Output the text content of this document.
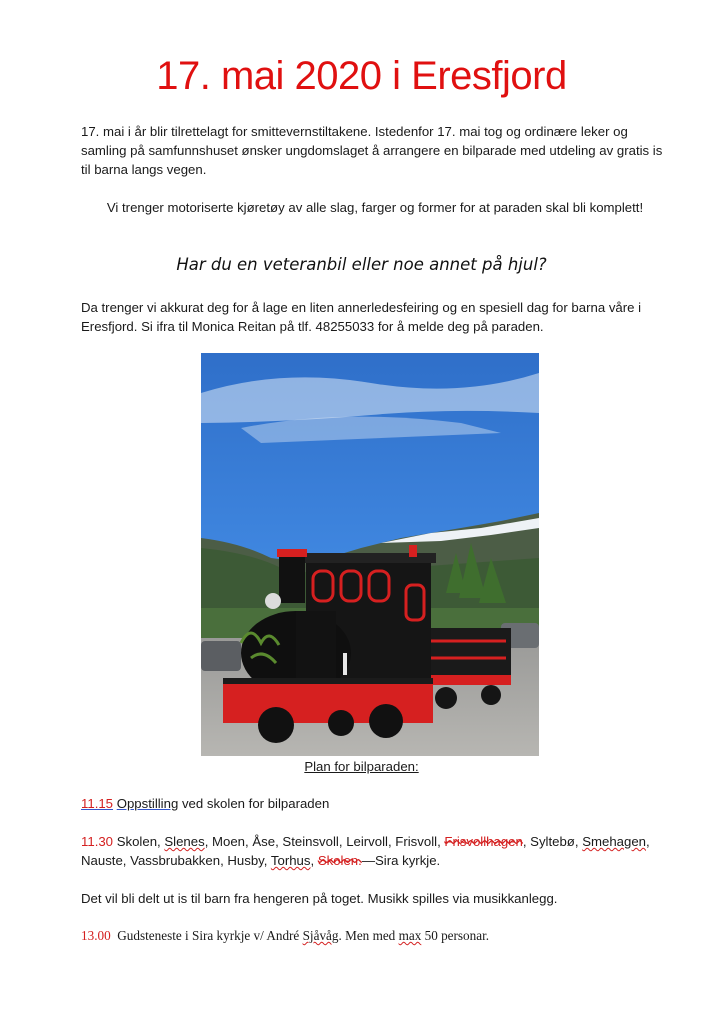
17. mai 2020 i Eresfjord
17. mai i år blir tilrettelagt for smittevernstiltakene. Istedenfor 17. mai tog og ordinære leker og samling på samfunnshuset ønsker ungdomslaget å arrangere en bilparade med utdeling av gratis is til barna langs vegen.
Vi trenger motoriserte kjøretøy av alle slag, farger og former for at paraden skal bli komplett!
Har du en veteranbil eller noe annet på hjul?
Da trenger vi akkurat deg for å lage en liten annerledesfeiring og en spesiell dag for barna våre i Eresfjord. Si ifra til Monica Reitan på tlf. 48255033 for å melde deg på paraden.
Plan for bilparaden:
11.15 Oppstilling ved skolen for bilparaden
11.30 Skolen, Slenes, Moen, Åse, Steinsvoll, Leirvoll, Frisvoll, Frisvollhagen, Syltebø, Smehagen, Nauste, Vassbrubakken, Husby, Torhus, Skolen.—Sira kyrkje.
Det vil bli delt ut is til barn fra hengeren på toget. Musikk spilles via musikkanlegg.
13.00 Gudsteneste i Sira kyrkje v/ André Sjåvåg. Men med max 50 personar.
